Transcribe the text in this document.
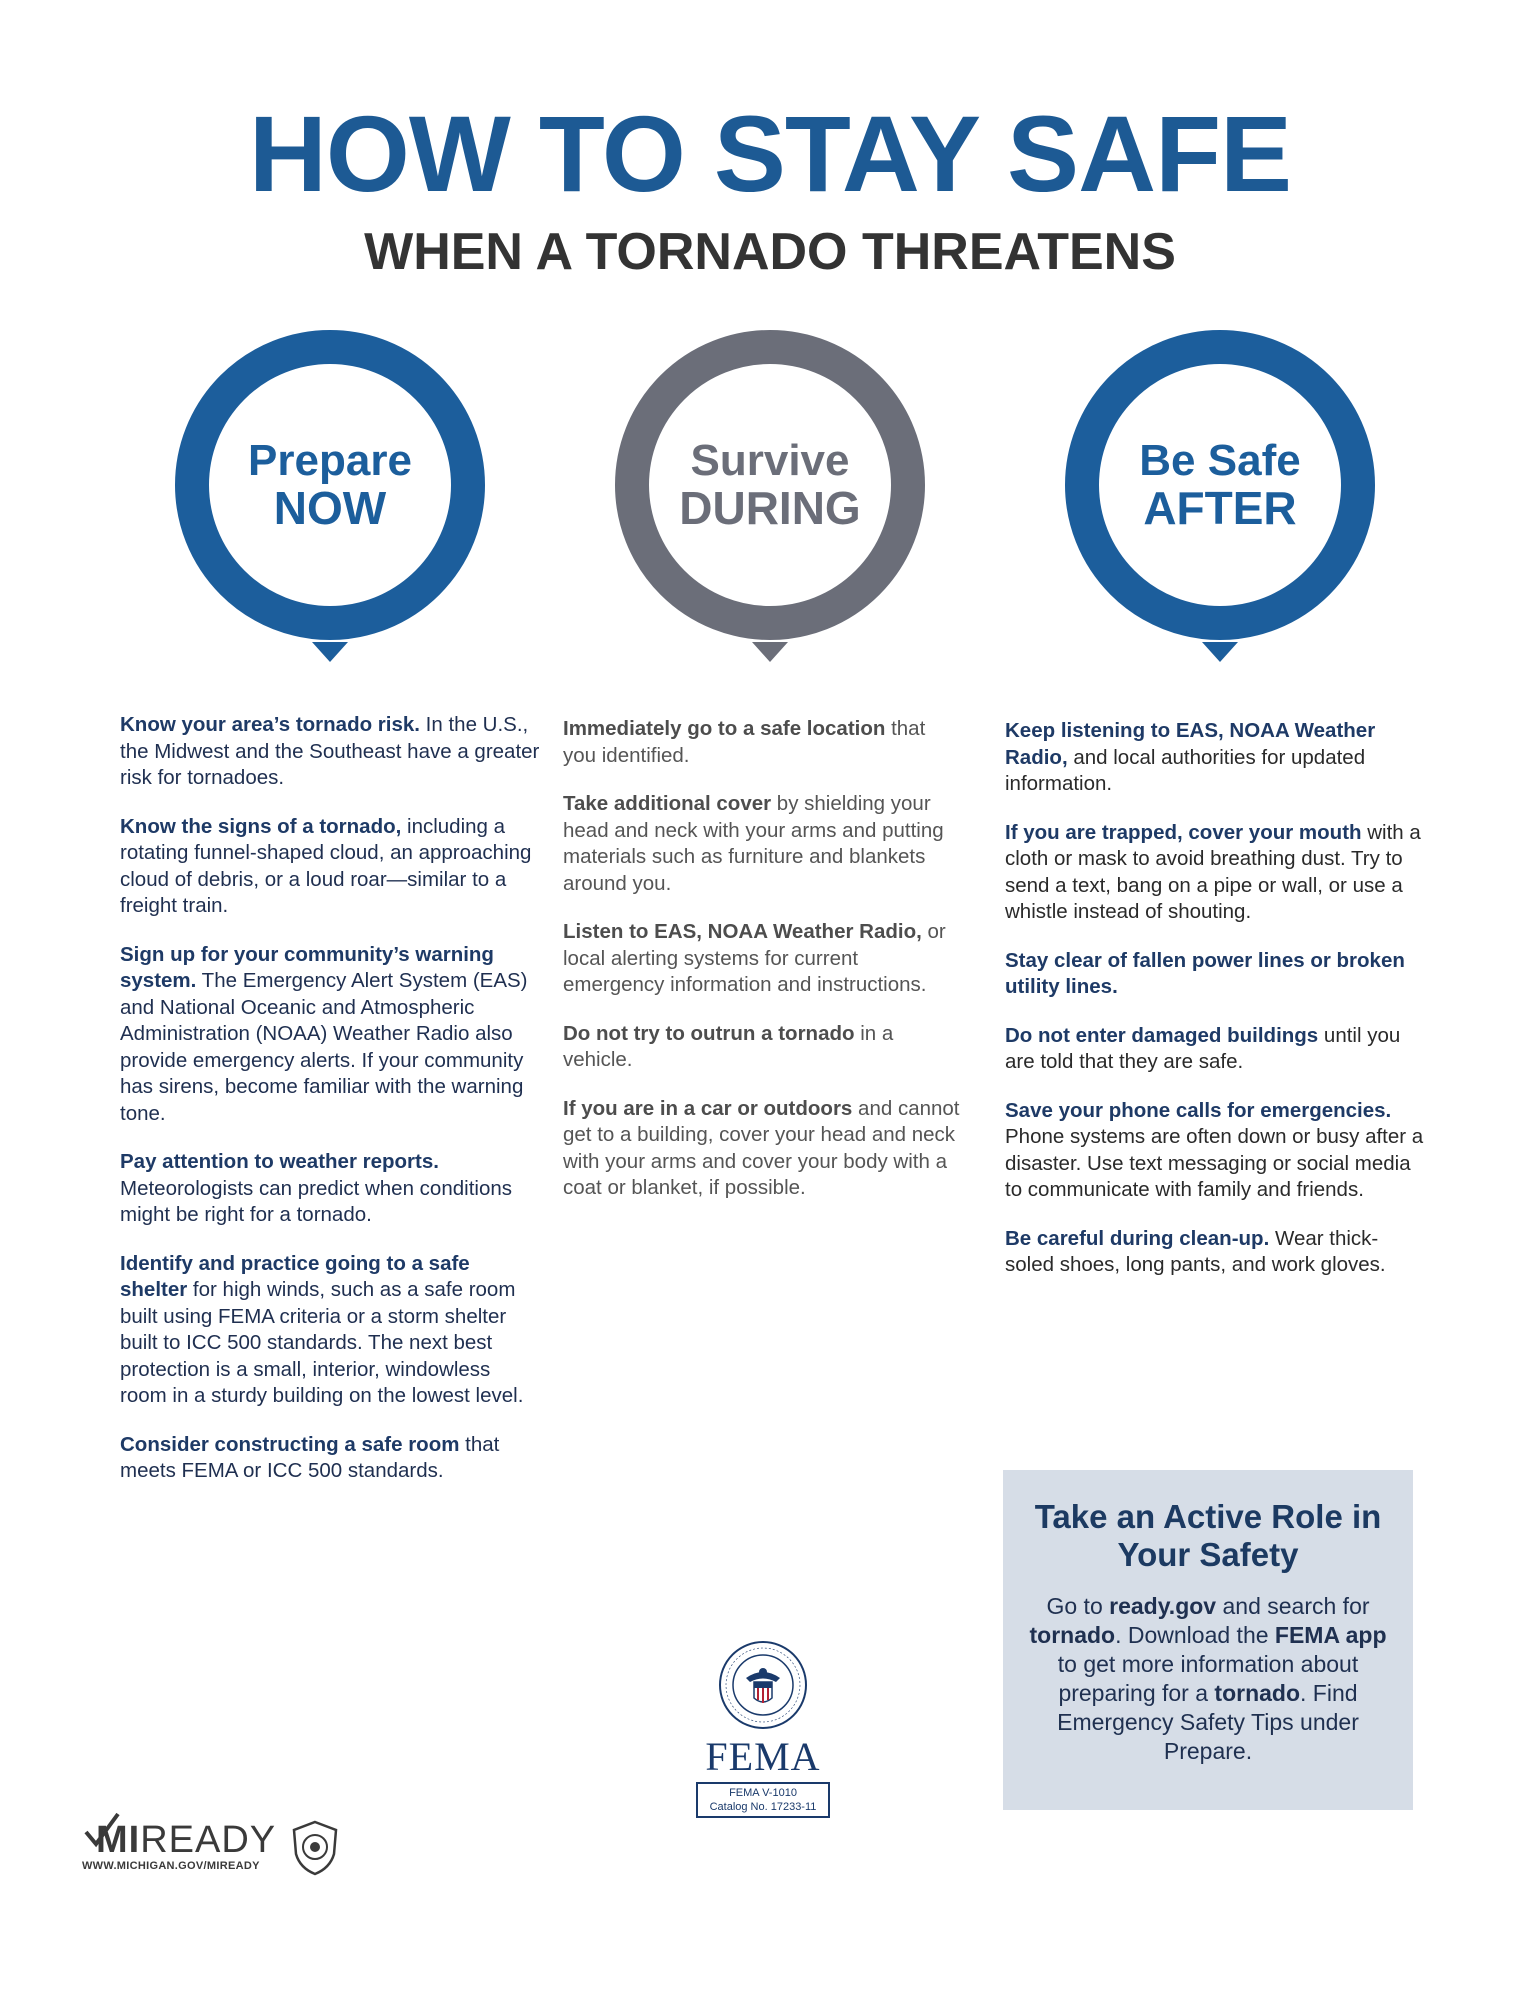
HOW TO STAY SAFE
WHEN A TORNADO THREATENS
Prepare
NOW
Survive
DURING
Be Safe
AFTER

Know your area’s tornado risk. In the U.S., the Midwest and the Southeast have a greater risk for tornadoes.

Know the signs of a tornado, including a rotating funnel-shaped cloud, an approaching cloud of debris, or a loud roar—similar to a freight train.

Sign up for your community’s warning system. The Emergency Alert System (EAS) and National Oceanic and Atmospheric Administration (NOAA) Weather Radio also provide emergency alerts. If your community has sirens, become familiar with the warning tone.

Pay attention to weather reports. Meteorologists can predict when conditions might be right for a tornado.

Identify and practice going to a safe shelter for high winds, such as a safe room built using FEMA criteria or a storm shelter built to ICC 500 standards. The next best protection is a small, interior, windowless room in a sturdy building on the lowest level.

Consider constructing a safe room that meets FEMA or ICC 500 standards.

Immediately go to a safe location that you identified.

Take additional cover by shielding your head and neck with your arms and putting materials such as furniture and blankets around you.

Listen to EAS, NOAA Weather Radio, or local alerting systems for current emergency information and instructions.

Do not try to outrun a tornado in a vehicle.

If you are in a car or outdoors and cannot get to a building, cover your head and neck with your arms and cover your body with a coat or blanket, if possible.

Keep listening to EAS, NOAA Weather Radio, and local authorities for updated information.

If you are trapped, cover your mouth with a cloth or mask to avoid breathing dust. Try to send a text, bang on a pipe or wall, or use a whistle instead of shouting.

Stay clear of fallen power lines or broken utility lines.

Do not enter damaged buildings until you are told that they are safe.

Save your phone calls for emergencies. Phone systems are often down or busy after a disaster. Use text messaging or social media to communicate with family and friends.

Be careful during clean-up. Wear thick-soled shoes, long pants, and work gloves.

Take an Active Role in Your Safety
Go to ready.gov and search for tornado. Download the FEMA app to get more information about preparing for a tornado. Find Emergency Safety Tips under Prepare.
FEMA
FEMA V-1010
Catalog No. 17233-11
MIREADY
WWW.MICHIGAN.GOV/MIREADY
